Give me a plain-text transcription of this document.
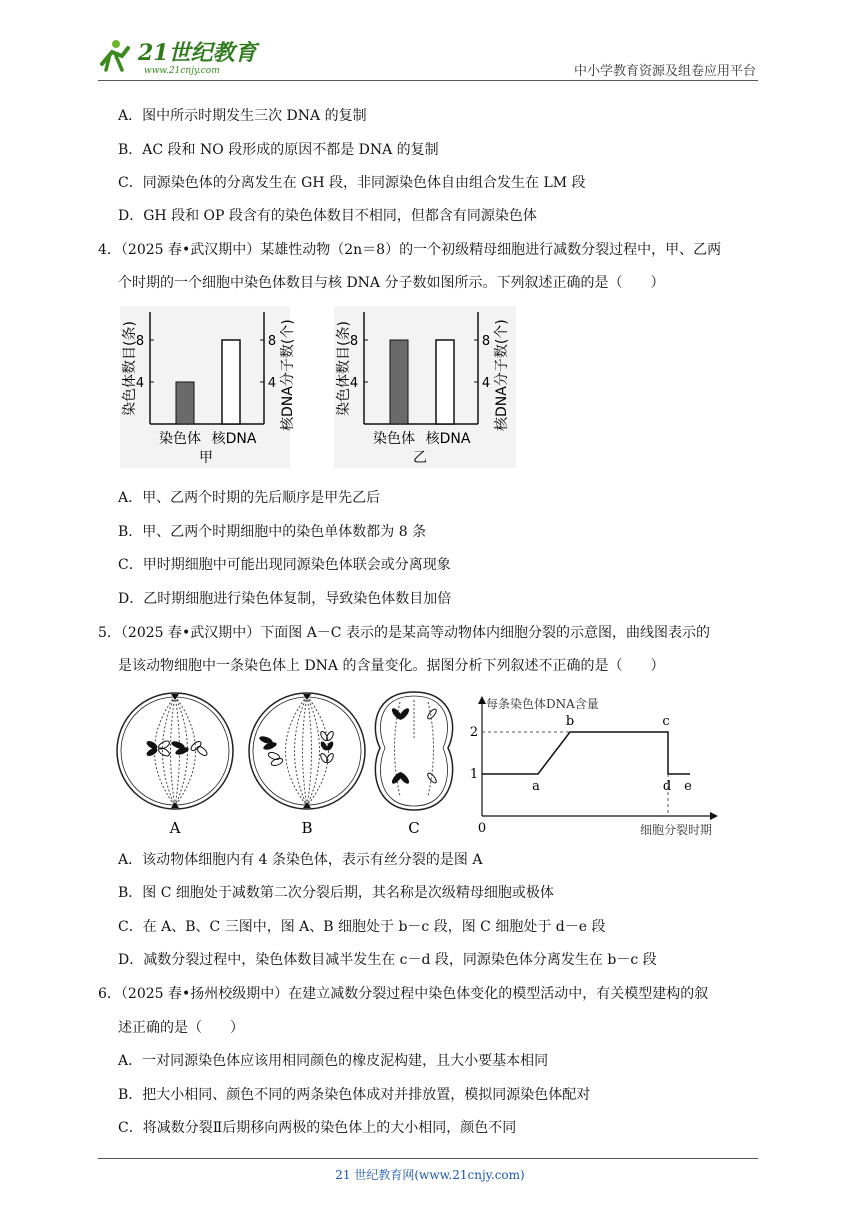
21世纪教育
www.21cnjy.com	中小学教育资源及组卷应用平台
A．图中所示时期发生三次 DNA 的复制
B．AC 段和 NO 段形成的原因不都是 DNA 的复制
C．同源染色体的分离发生在 GH 段，非同源染色体自由组合发生在 LM 段
D．GH 段和 OP 段含有的染色体数目不相同，但都含有同源染色体
4．（2025 春•武汉期中）某雄性动物（2n＝8）的一个初级精母细胞进行减数分裂过程中，甲、乙两
个时期的一个细胞中染色体数目与核 DNA 分子数如图所示。下列叙述正确的是（　　）
染色体数目(条)
8
4
8
4 核DNA分子数(个)
染色体 核DNA
甲
染色体数目(条)
8
4
8
4 核DNA分子数(个)
染色体 核DNA
乙
A．甲、乙两个时期的先后顺序是甲先乙后
B．甲、乙两个时期细胞中的染色单体数都为 8 条
C．甲时期细胞中可能出现同源染色体联会或分离现象
D．乙时期细胞进行染色体复制，导致染色体数目加倍
5．（2025 春•武汉期中）下面图 A－C 表示的是某高等动物体内细胞分裂的示意图，曲线图表示的
是该动物细胞中一条染色体上 DNA 的含量变化。据图分析下列叙述不正确的是（　　）
A	B	C
每条染色体DNA含量
1
2
0	细胞分裂时期
a
b	c
d e
A．该动物体细胞内有 4 条染色体，表示有丝分裂的是图 A
B．图 C 细胞处于减数第二次分裂后期，其名称是次级精母细胞或极体
C．在 A、B、C 三图中，图 A、B 细胞处于 b－c 段，图 C 细胞处于 d－e 段
D．减数分裂过程中，染色体数目减半发生在 c－d 段，同源染色体分离发生在 b－c 段
6．（2025 春•扬州校级期中）在建立减数分裂过程中染色体变化的模型活动中，有关模型建构的叙
述正确的是（　　）
A．一对同源染色体应该用相同颜色的橡皮泥构建，且大小要基本相同
B．把大小相同、颜色不同的两条染色体成对并排放置，模拟同源染色体配对
C．将减数分裂Ⅱ后期移向两极的染色体上的大小相同，颜色不同
21 世纪教育网(www.21cnjy.com)
